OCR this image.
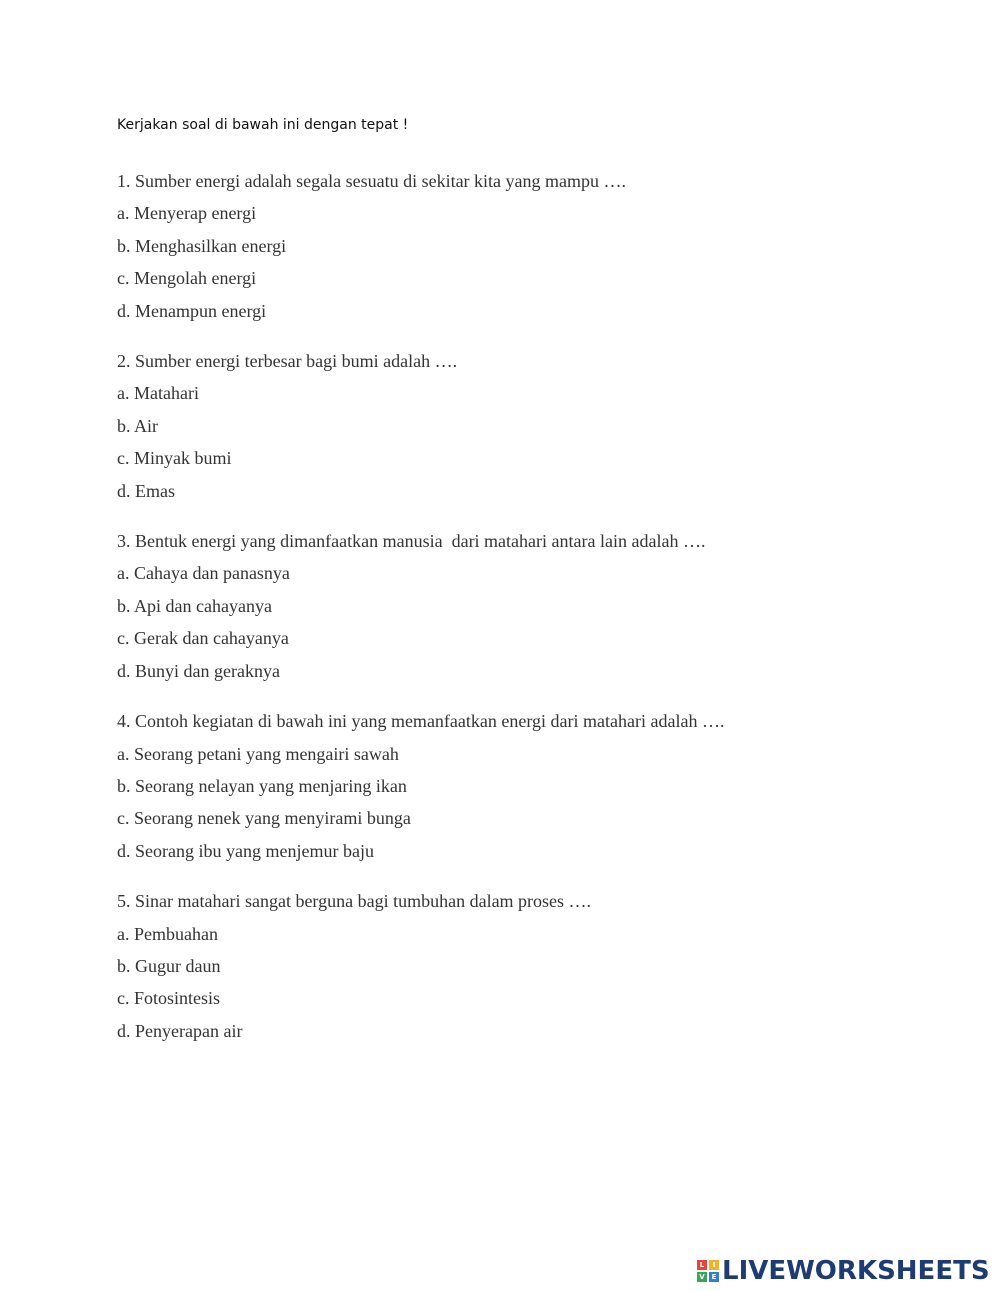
Kerjakan soal di bawah ini dengan tepat !
1. Sumber energi adalah segala sesuatu di sekitar kita yang mampu ….
a. Menyerap energi
b. Menghasilkan energi
c. Mengolah energi
d. Menampun energi
2. Sumber energi terbesar bagi bumi adalah ….
a. Matahari
b. Air
c. Minyak bumi
d. Emas
3. Bentuk energi yang dimanfaatkan manusia  dari matahari antara lain adalah ….
a. Cahaya dan panasnya
b. Api dan cahayanya
c. Gerak dan cahayanya
d. Bunyi dan geraknya
4. Contoh kegiatan di bawah ini yang memanfaatkan energi dari matahari adalah ….
a. Seorang petani yang mengairi sawah
b. Seorang nelayan yang menjaring ikan
c. Seorang nenek yang menyirami bunga
d. Seorang ibu yang menjemur baju
5. Sinar matahari sangat berguna bagi tumbuhan dalam proses ….
a. Pembuahan
b. Gugur daun
c. Fotosintesis
d. Penyerapan air
L	I
V E LIVEWORKSHEETS
